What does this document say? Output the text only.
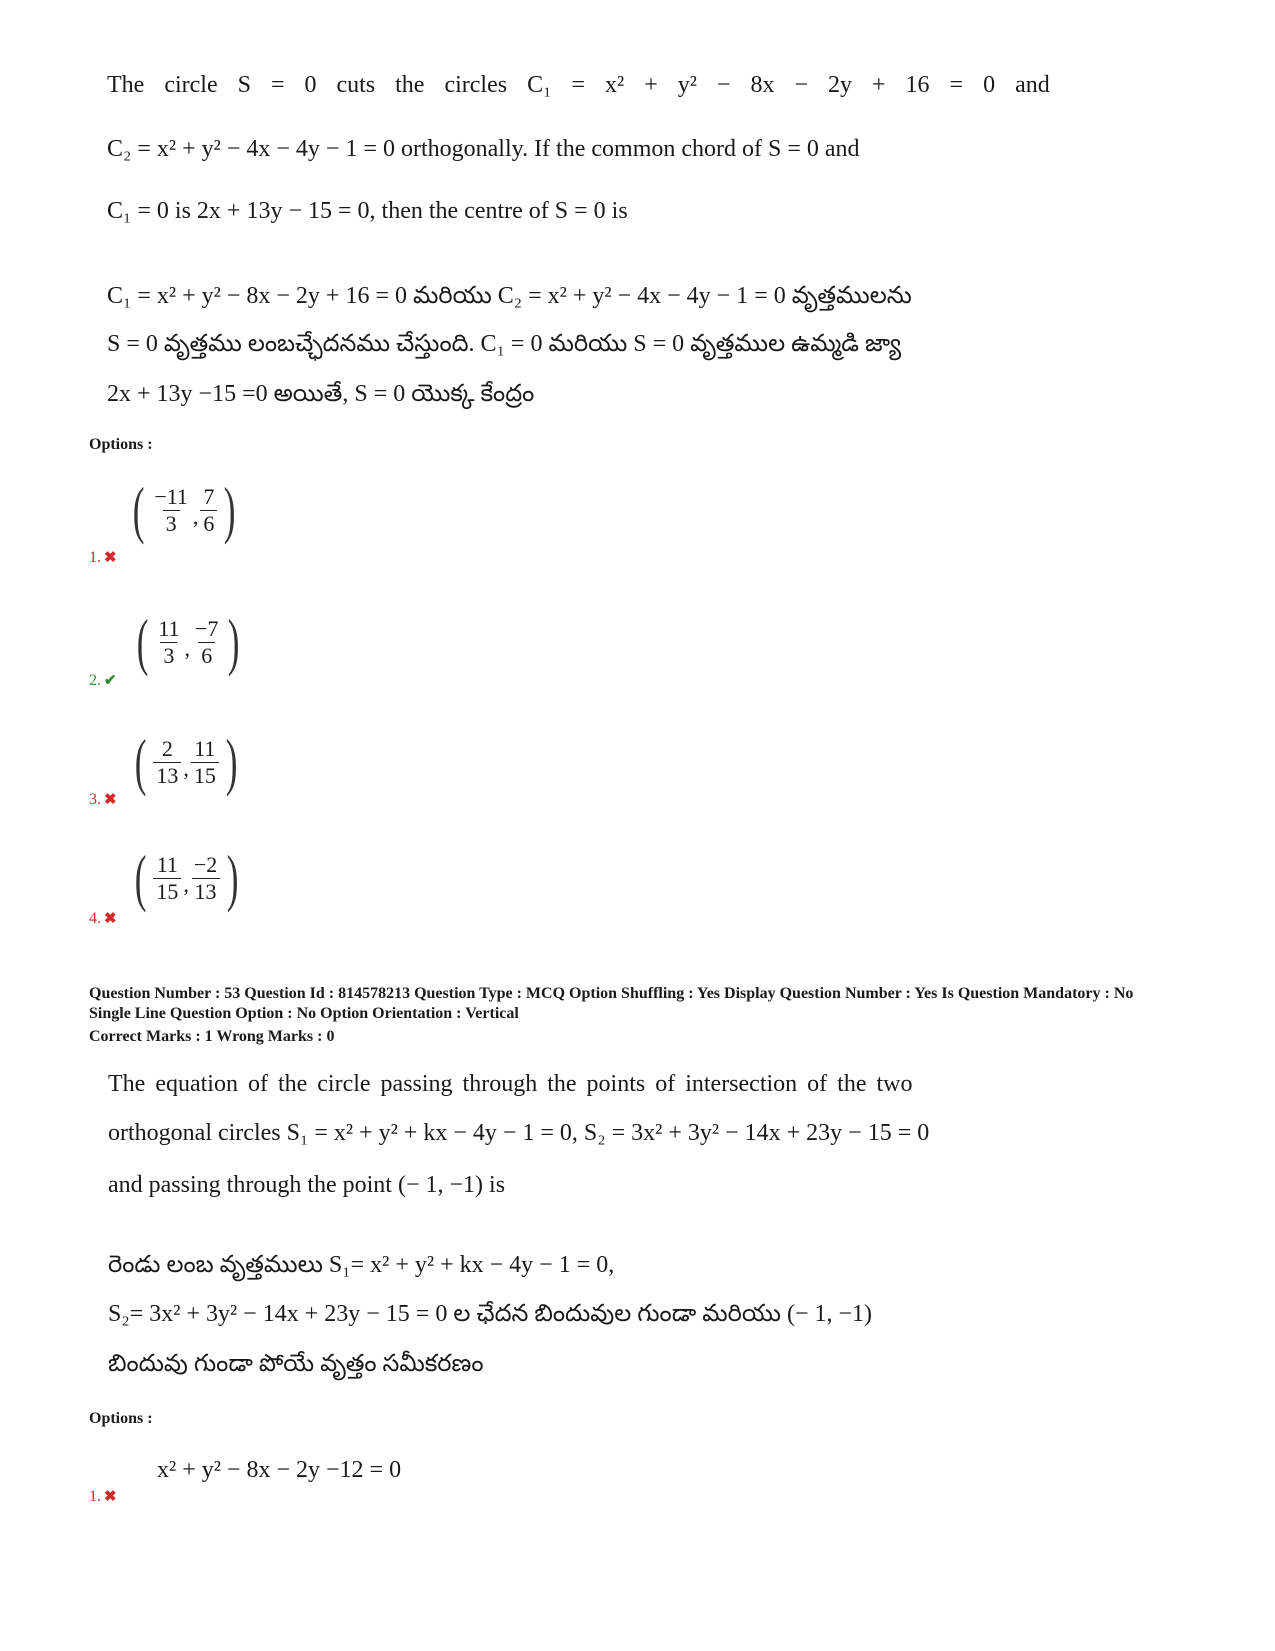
The circle S = 0 cuts the circles C₁ = x² + y² − 8x − 2y + 16 = 0 and
C₂ = x² + y² − 4x − 4y − 1 = 0 orthogonally. If the common chord of S = 0 and
C₁ = 0 is 2x + 13y − 15 = 0, then the centre of S = 0 is
C₁ = x² + y² − 8x − 2y + 16 = 0 మరియు C₂ = x² + y² − 4x − 4y − 1 = 0 వృత్తములను
S = 0 వృత్తము లంబచ్ఛేదనము చేస్తుంది. C₁ = 0 మరియు S = 0 వృత్తముల ఉమ్మడి జ్యా
2x + 13y −15 =0 అయితే, S = 0 యొక్క కేంద్రం
Options :
( $\frac{-11}{3}$ , $\frac{7}{6}$ )
1. ✖
( $\frac{11}{3}$ , $\frac{-7}{6}$ )
2. ✔
( $\frac{2}{13}$ , $\frac{11}{15}$ )
3. ✖
( $\frac{11}{15}$ , $\frac{-2}{13}$ )
4. ✖
Question Number : 53 Question Id : 814578213 Question Type : MCQ Option Shuffling : Yes Display Question Number : Yes Is Question Mandatory : No Single Line Question Option : No Option Orientation : Vertical
Correct Marks : 1 Wrong Marks : 0
The equation of the circle passing through the points of intersection of the two
orthogonal circles S₁ = x² + y² + kx − 4y − 1 = 0, S₂ = 3x² + 3y² − 14x + 23y − 15 = 0
and passing through the point (− 1, −1) is
రెండు లంబ వృత్తములు S₁= x² + y² + kx − 4y − 1 = 0,
S₂= 3x² + 3y² − 14x + 23y − 15 = 0 ల ఛేదన బిందువుల గుండా మరియు (− 1, −1)
బిందువు గుండా పోయే వృత్తం సమీకరణం
Options :
x² + y² − 8x − 2y −12 = 0
1. ✖
